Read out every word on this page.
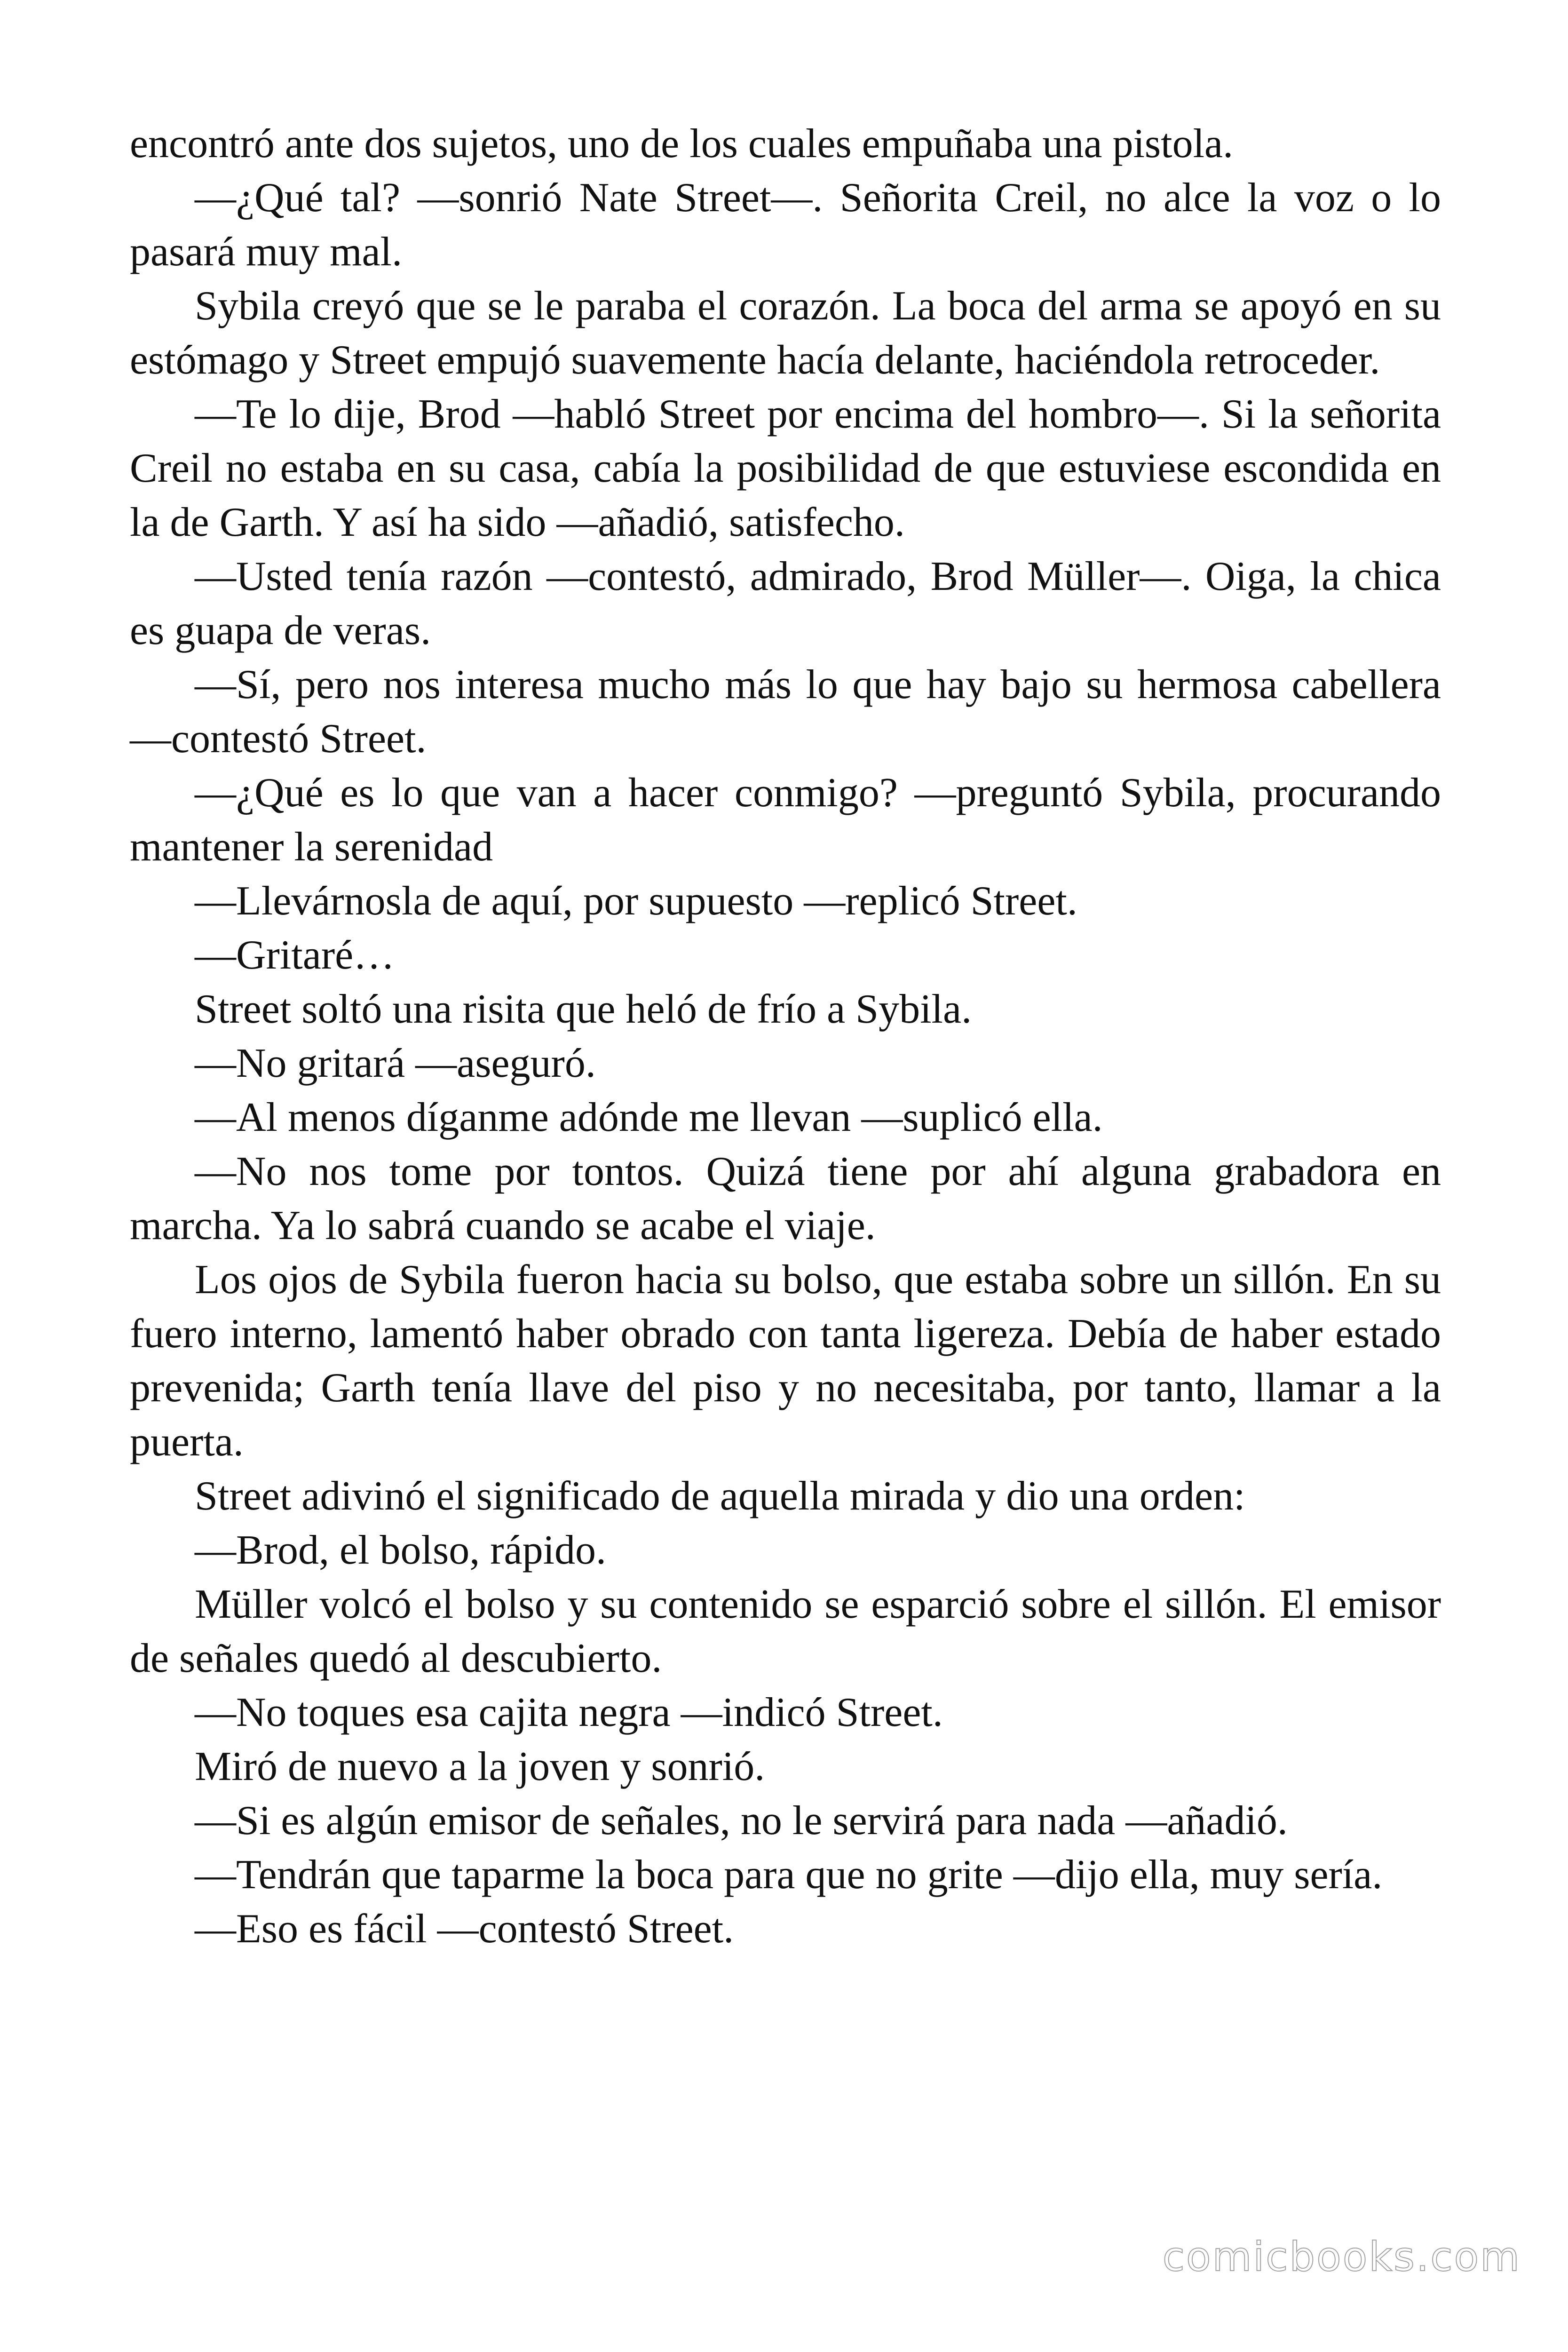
encontró ante dos sujetos, uno de los cuales empuñaba una pistola.

—¿Qué tal? —sonrió Nate Street—. Señorita Creil, no alce la voz o lo pasará muy mal.

Sybila creyó que se le paraba el corazón. La boca del arma se apoyó en su estómago y Street empujó suavemente hacía delante, haciéndola retroceder.

—Te lo dije, Brod —habló Street por encima del hombro—. Si la señorita Creil no estaba en su casa, cabía la posibilidad de que estuviese escondida en la de Garth. Y así ha sido —añadió, satisfecho.

—Usted tenía razón —contestó, admirado, Brod Müller—. Oiga, la chica es guapa de veras.

—Sí, pero nos interesa mucho más lo que hay bajo su hermosa cabellera —contestó Street.

—¿Qué es lo que van a hacer conmigo? —preguntó Sybila, procurando mantener la serenidad

—Llevárnosla de aquí, por supuesto —replicó Street.

—Gritaré…

Street soltó una risita que heló de frío a Sybila.

—No gritará —aseguró.

—Al menos díganme adónde me llevan —suplicó ella.

—No nos tome por tontos. Quizá tiene por ahí alguna grabadora en marcha. Ya lo sabrá cuando se acabe el viaje.

Los ojos de Sybila fueron hacia su bolso, que estaba sobre un sillón. En su fuero interno, lamentó haber obrado con tanta ligereza. Debía de haber estado prevenida; Garth tenía llave del piso y no necesitaba, por tanto, llamar a la puerta.

Street adivinó el significado de aquella mirada y dio una orden:

—Brod, el bolso, rápido.

Müller volcó el bolso y su contenido se esparció sobre el sillón. El emisor de señales quedó al descubierto.

—No toques esa cajita negra —indicó Street.

Miró de nuevo a la joven y sonrió.

—Si es algún emisor de señales, no le servirá para nada —añadió.

—Tendrán que taparme la boca para que no grite —dijo ella, muy sería.

—Eso es fácil —contestó Street.

comicbooks.com
